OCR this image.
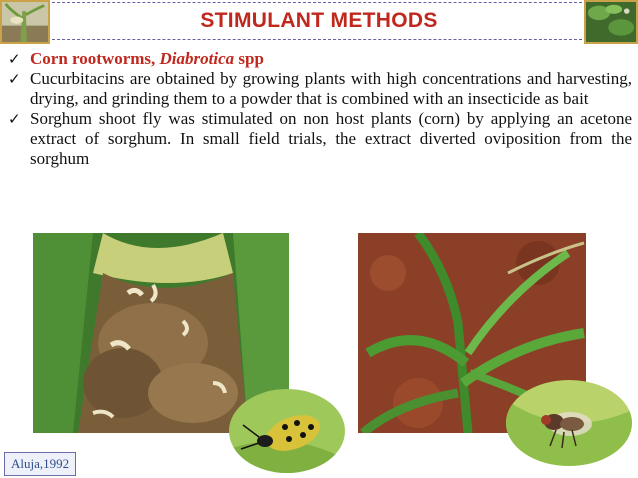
STIMULANT METHODS
✓ Corn rootworms, Diabrotica spp
✓ Cucurbitacins are obtained by growing plants with high concentrations and harvesting, drying, and grinding them to a powder that is combined with an insecticide as bait
✓ Sorghum shoot fly was stimulated on non host plants (corn) by applying an acetone extract of sorghum. In small field trials, the extract diverted oviposition from the sorghum
Aluja,1992
